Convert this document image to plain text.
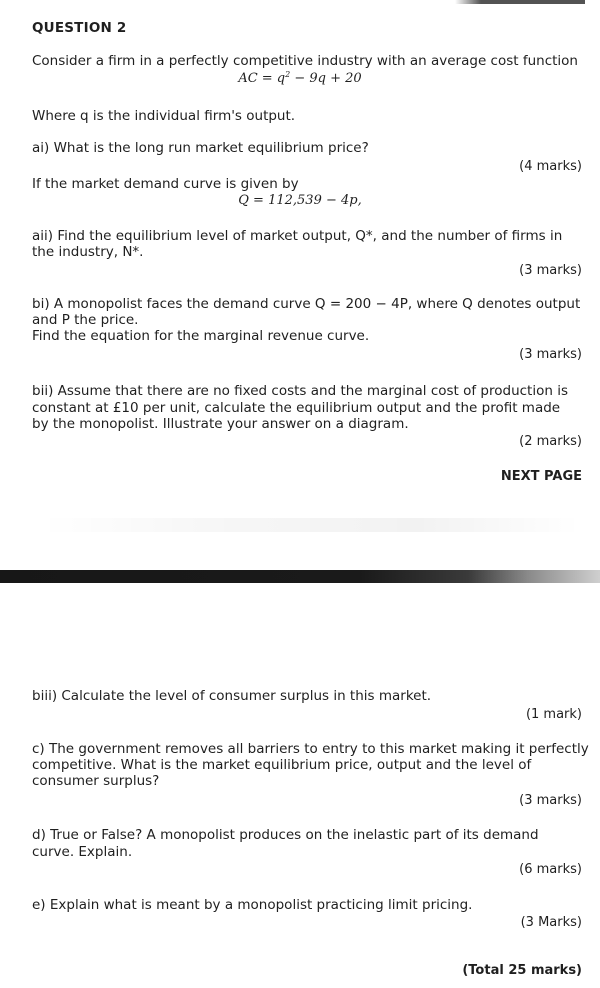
QUESTION 2
Consider a firm in a perfectly competitive industry with an average cost function
AC = $q^2 - 9q + 20$
Where q is the individual firm's output.
ai) What is the long run market equilibrium price?
(4 marks)
If the market demand curve is given by
Q = 112,539 − 4p,
aii) Find the equilibrium level of market output, Q*, and the number of firms in
the industry, N*.
(3 marks)
bi) A monopolist faces the demand curve Q = 200 − 4P, where Q denotes output
and P the price.
Find the equation for the marginal revenue curve.
(3 marks)
bii) Assume that there are no fixed costs and the marginal cost of production is
constant at £10 per unit, calculate the equilibrium output and the profit made
by the monopolist. Illustrate your answer on a diagram.
(2 marks)
NEXT PAGE
biii) Calculate the level of consumer surplus in this market.
(1 mark)
c) The government removes all barriers to entry to this market making it perfectly
competitive. What is the market equilibrium price, output and the level of
consumer surplus?
(3 marks)
d) True or False? A monopolist produces on the inelastic part of its demand
curve. Explain.
(6 marks)
e) Explain what is meant by a monopolist practicing limit pricing.
(3 Marks)
(Total 25 marks)
